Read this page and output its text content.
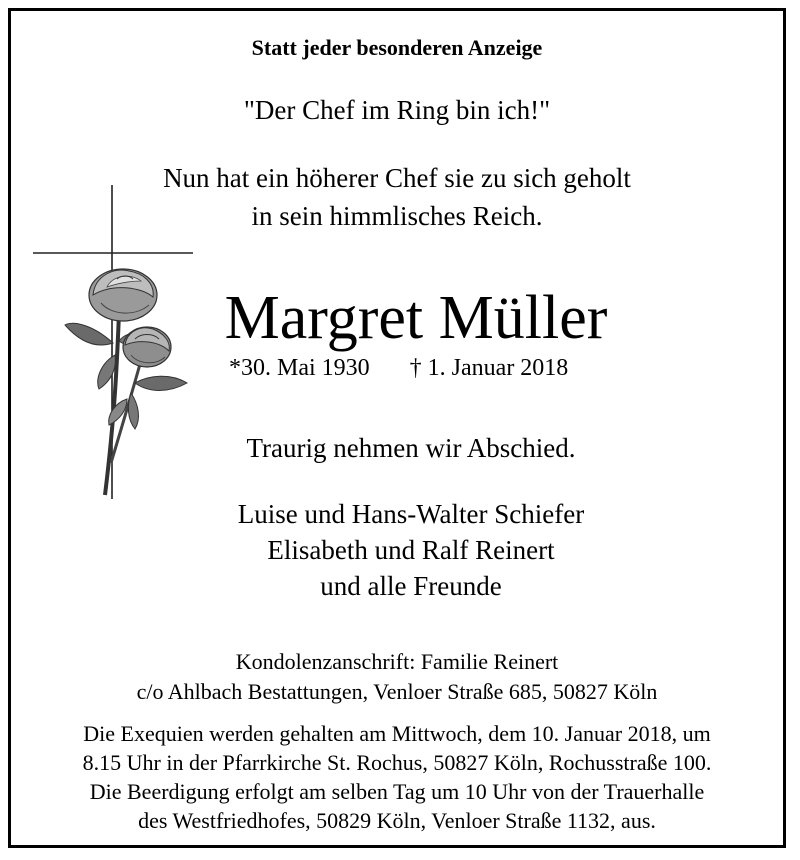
Statt jeder besonderen Anzeige
"Der Chef im Ring bin ich!"
Nun hat ein höherer Chef sie zu sich geholt
in sein himmlisches Reich.
Margret Müller
*30. Mai 1930 † 1. Januar 2018
Traurig nehmen wir Abschied.
Luise und Hans-Walter Schiefer
Elisabeth und Ralf Reinert
und alle Freunde
Kondolenzanschrift: Familie Reinert
c/o Ahlbach Bestattungen, Venloer Straße 685, 50827 Köln
Die Exequien werden gehalten am Mittwoch, dem 10. Januar 2018, um
8.15 Uhr in der Pfarrkirche St. Rochus, 50827 Köln, Rochusstraße 100.
Die Beerdigung erfolgt am selben Tag um 10 Uhr von der Trauerhalle
des Westfriedhofes, 50829 Köln, Venloer Straße 1132, aus.
